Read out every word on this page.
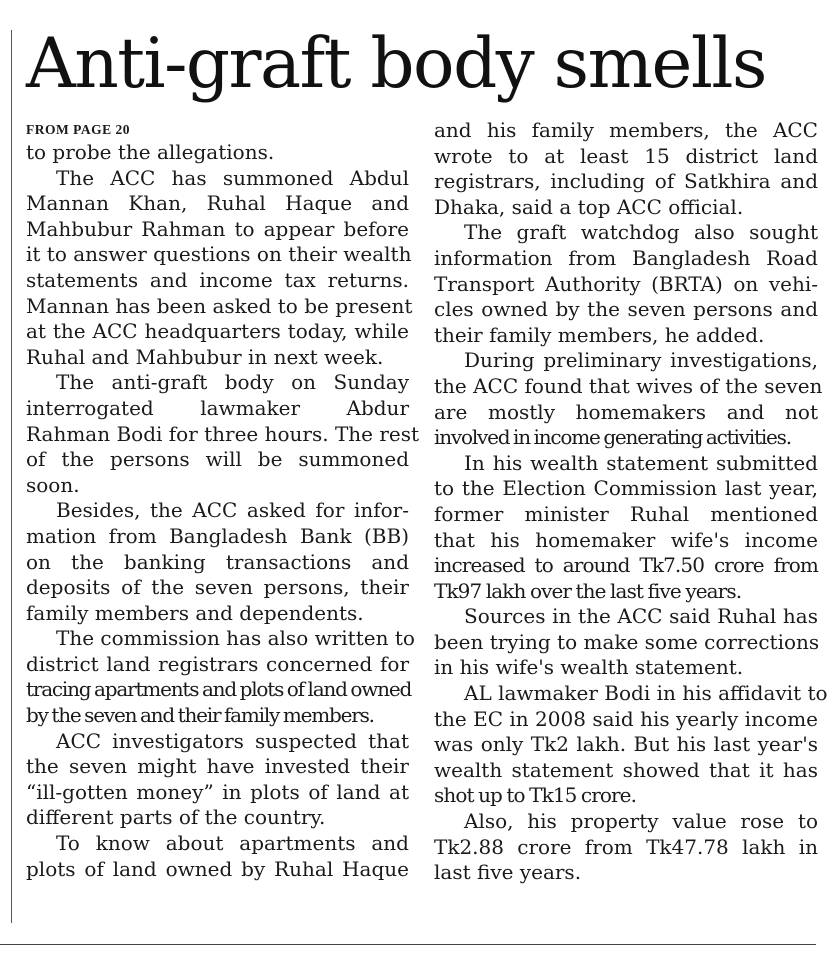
Anti-graft body smells
FROM PAGE 20
to probe the allegations.
The ACC has summoned Abdul
Mannan Khan, Ruhal Haque and
Mahbubur Rahman to appear before
it to answer questions on their wealth
statements and income tax returns.
Mannan has been asked to be present
at the ACC headquarters today, while
Ruhal and Mahbubur in next week.
The anti-graft body on Sunday
interrogated lawmaker Abdur
Rahman Bodi for three hours. The rest
of the persons will be summoned
soon.
Besides, the ACC asked for infor-
mation from Bangladesh Bank (BB)
on the banking transactions and
deposits of the seven persons, their
family members and dependents.
The commission has also written to
district land registrars concerned for
tracing apartments and plots of land owned
by the seven and their family members.
ACC investigators suspected that
the seven might have invested their
“ill-gotten money” in plots of land at
different parts of the country.
To know about apartments and
plots of land owned by Ruhal Haque
and his family members, the ACC
wrote to at least 15 district land
registrars, including of Satkhira and
Dhaka, said a top ACC official.
The graft watchdog also sought
information from Bangladesh Road
Transport Authority (BRTA) on vehi-
cles owned by the seven persons and
their family members, he added.
During preliminary investigations,
the ACC found that wives of the seven
are mostly homemakers and not
involved in income generating activities.
In his wealth statement submitted
to the Election Commission last year,
former minister Ruhal mentioned
that his homemaker wife's income
increased to around Tk7.50 crore from
Tk97 lakh over the last five years.
Sources in the ACC said Ruhal has
been trying to make some corrections
in his wife's wealth statement.
AL lawmaker Bodi in his affidavit to
the EC in 2008 said his yearly income
was only Tk2 lakh. But his last year's
wealth statement showed that it has
shot up to Tk15 crore.
Also, his property value rose to
Tk2.88 crore from Tk47.78 lakh in
last five years.
